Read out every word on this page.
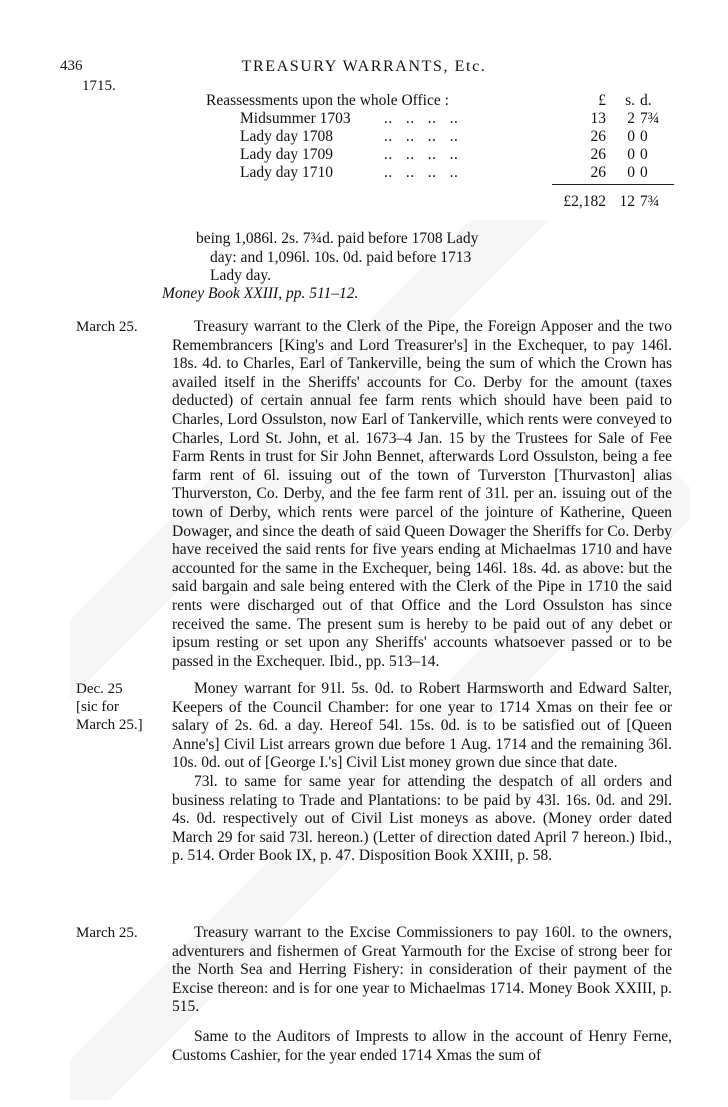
436	TREASURY WARRANTS, Etc.
1715.
Reassessments upon the whole Office :	£	s. d.
Midsummer 1703 ..   ..   ..   ..	13	2 7¾
Lady day 1708	..   ..   ..   ..	26	0 0
Lady day 1709	..   ..   ..   ..	26	0 0
Lady day 1710	..   ..   ..   ..	26	0 0
£2,182 12 7¾
being 1,086l. 2s. 7¾d. paid before 1708 Lady
day: and 1,096l. 10s. 0d. paid before 1713
Lady day.
Money Book XXIII, pp. 511–12.
March 25.	Treasury warrant to the Clerk of the Pipe, the Foreign Apposer and the two Remembrancers [King's and Lord Treasurer's] in the Exchequer, to pay 146l. 18s. 4d. to Charles, Earl of Tankerville, being the sum of which the Crown has availed itself in the Sheriffs' accounts for Co. Derby for the amount (taxes deducted) of certain annual fee farm rents which should have been paid to Charles, Lord Ossulston, now Earl of Tankerville, which rents were conveyed to Charles, Lord St. John, et al. 1673–4 Jan. 15 by the Trustees for Sale of Fee Farm Rents in trust for Sir John Bennet, afterwards Lord Ossulston, being a fee farm rent of 6l. issuing out of the town of Turverston [Thurvaston] alias Thurverston, Co. Derby, and the fee farm rent of 31l. per an. issuing out of the town of Derby, which rents were parcel of the jointure of Katherine, Queen Dowager, and since the death of said Queen Dowager the Sheriffs for Co. Derby have received the said rents for five years ending at Michaelmas 1710 and have accounted for the same in the Exchequer, being 146l. 18s. 4d. as above: but the said bargain and sale being entered with the Clerk of the Pipe in 1710 the said rents were discharged out of that Office and the Lord Ossulston has since received the same. The present sum is hereby to be paid out of any debet or ipsum resting or set upon any Sheriffs' accounts whatsoever passed or to be passed in the Exchequer. Ibid., pp. 513–14.

Dec. 25
[sic for
March 25.]

Money warrant for 91l. 5s. 0d. to Robert Harmsworth and Edward Salter, Keepers of the Council Chamber: for one year to 1714 Xmas on their fee or salary of 2s. 6d. a day. Hereof 54l. 15s. 0d. is to be satisfied out of [Queen Anne's] Civil List arrears grown due before 1 Aug. 1714 and the remaining 36l. 10s. 0d. out of [George I.'s] Civil List money grown due since that date.

73l. to same for same year for attending the despatch of all orders and business relating to Trade and Plantations: to be paid by 43l. 16s. 0d. and 29l. 4s. 0d. respectively out of Civil List moneys as above. (Money order dated March 29 for said 73l. hereon.) (Letter of direction dated April 7 hereon.) Ibid., p. 514. Order Book IX, p. 47. Disposition Book XXIII, p. 58.

March 25.	Treasury warrant to the Excise Commissioners to pay 160l. to the owners, adventurers and fishermen of Great Yarmouth for the Excise of strong beer for the North Sea and Herring Fishery: in consideration of their payment of the Excise thereon: and is for one year to Michaelmas 1714. Money Book XXIII, p. 515.

Same to the Auditors of Imprests to allow in the account of Henry Ferne, Customs Cashier, for the year ended 1714 Xmas the sum of
